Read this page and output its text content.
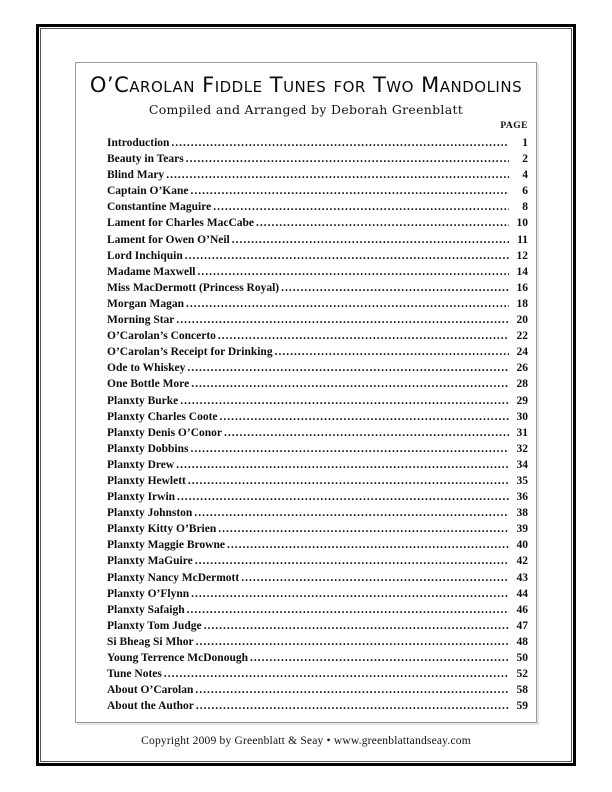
O’Carolan Fiddle Tunes for Two Mandolins
Compiled and Arranged by Deborah Greenblatt
PAGE
Introduction .....	1
Beauty in Tears .....	2
Blind Mary .....	4
Captain O’Kane .....	6
Constantine Maguire .....	8
Lament for Charles MacCabe .....	10
Lament for Owen O’Neil .....	11
Lord Inchiquin .....	12
Madame Maxwell .....	14
Miss MacDermott (Princess Royal) .....	16
Morgan Magan .....	18
Morning Star .....	20
O’Carolan’s Concerto .....	22
O’Carolan’s Receipt for Drinking .....	24
Ode to Whiskey .....	26
One Bottle More .....	28
Planxty Burke .....	29
Planxty Charles Coote .....	30
Planxty Denis O’Conor .....	31
Planxty Dobbins .....	32
Planxty Drew .....	34
Planxty Hewlett .....	35
Planxty Irwin .....	36
Planxty Johnston .....	38
Planxty Kitty O’Brien .....	39
Planxty Maggie Browne .....	40
Planxty MaGuire .....	42
Planxty Nancy McDermott .....	43
Planxty O’Flynn .....	44
Planxty Safaigh .....	46
Planxty Tom Judge .....	47
Si Bheag Si Mhor .....	48
Young Terrence McDonough .....	50
Tune Notes .....	52
About O’Carolan .....	58
About the Author .....	59
Copyright 2009 by Greenblatt & Seay • www.greenblattandseay.com
